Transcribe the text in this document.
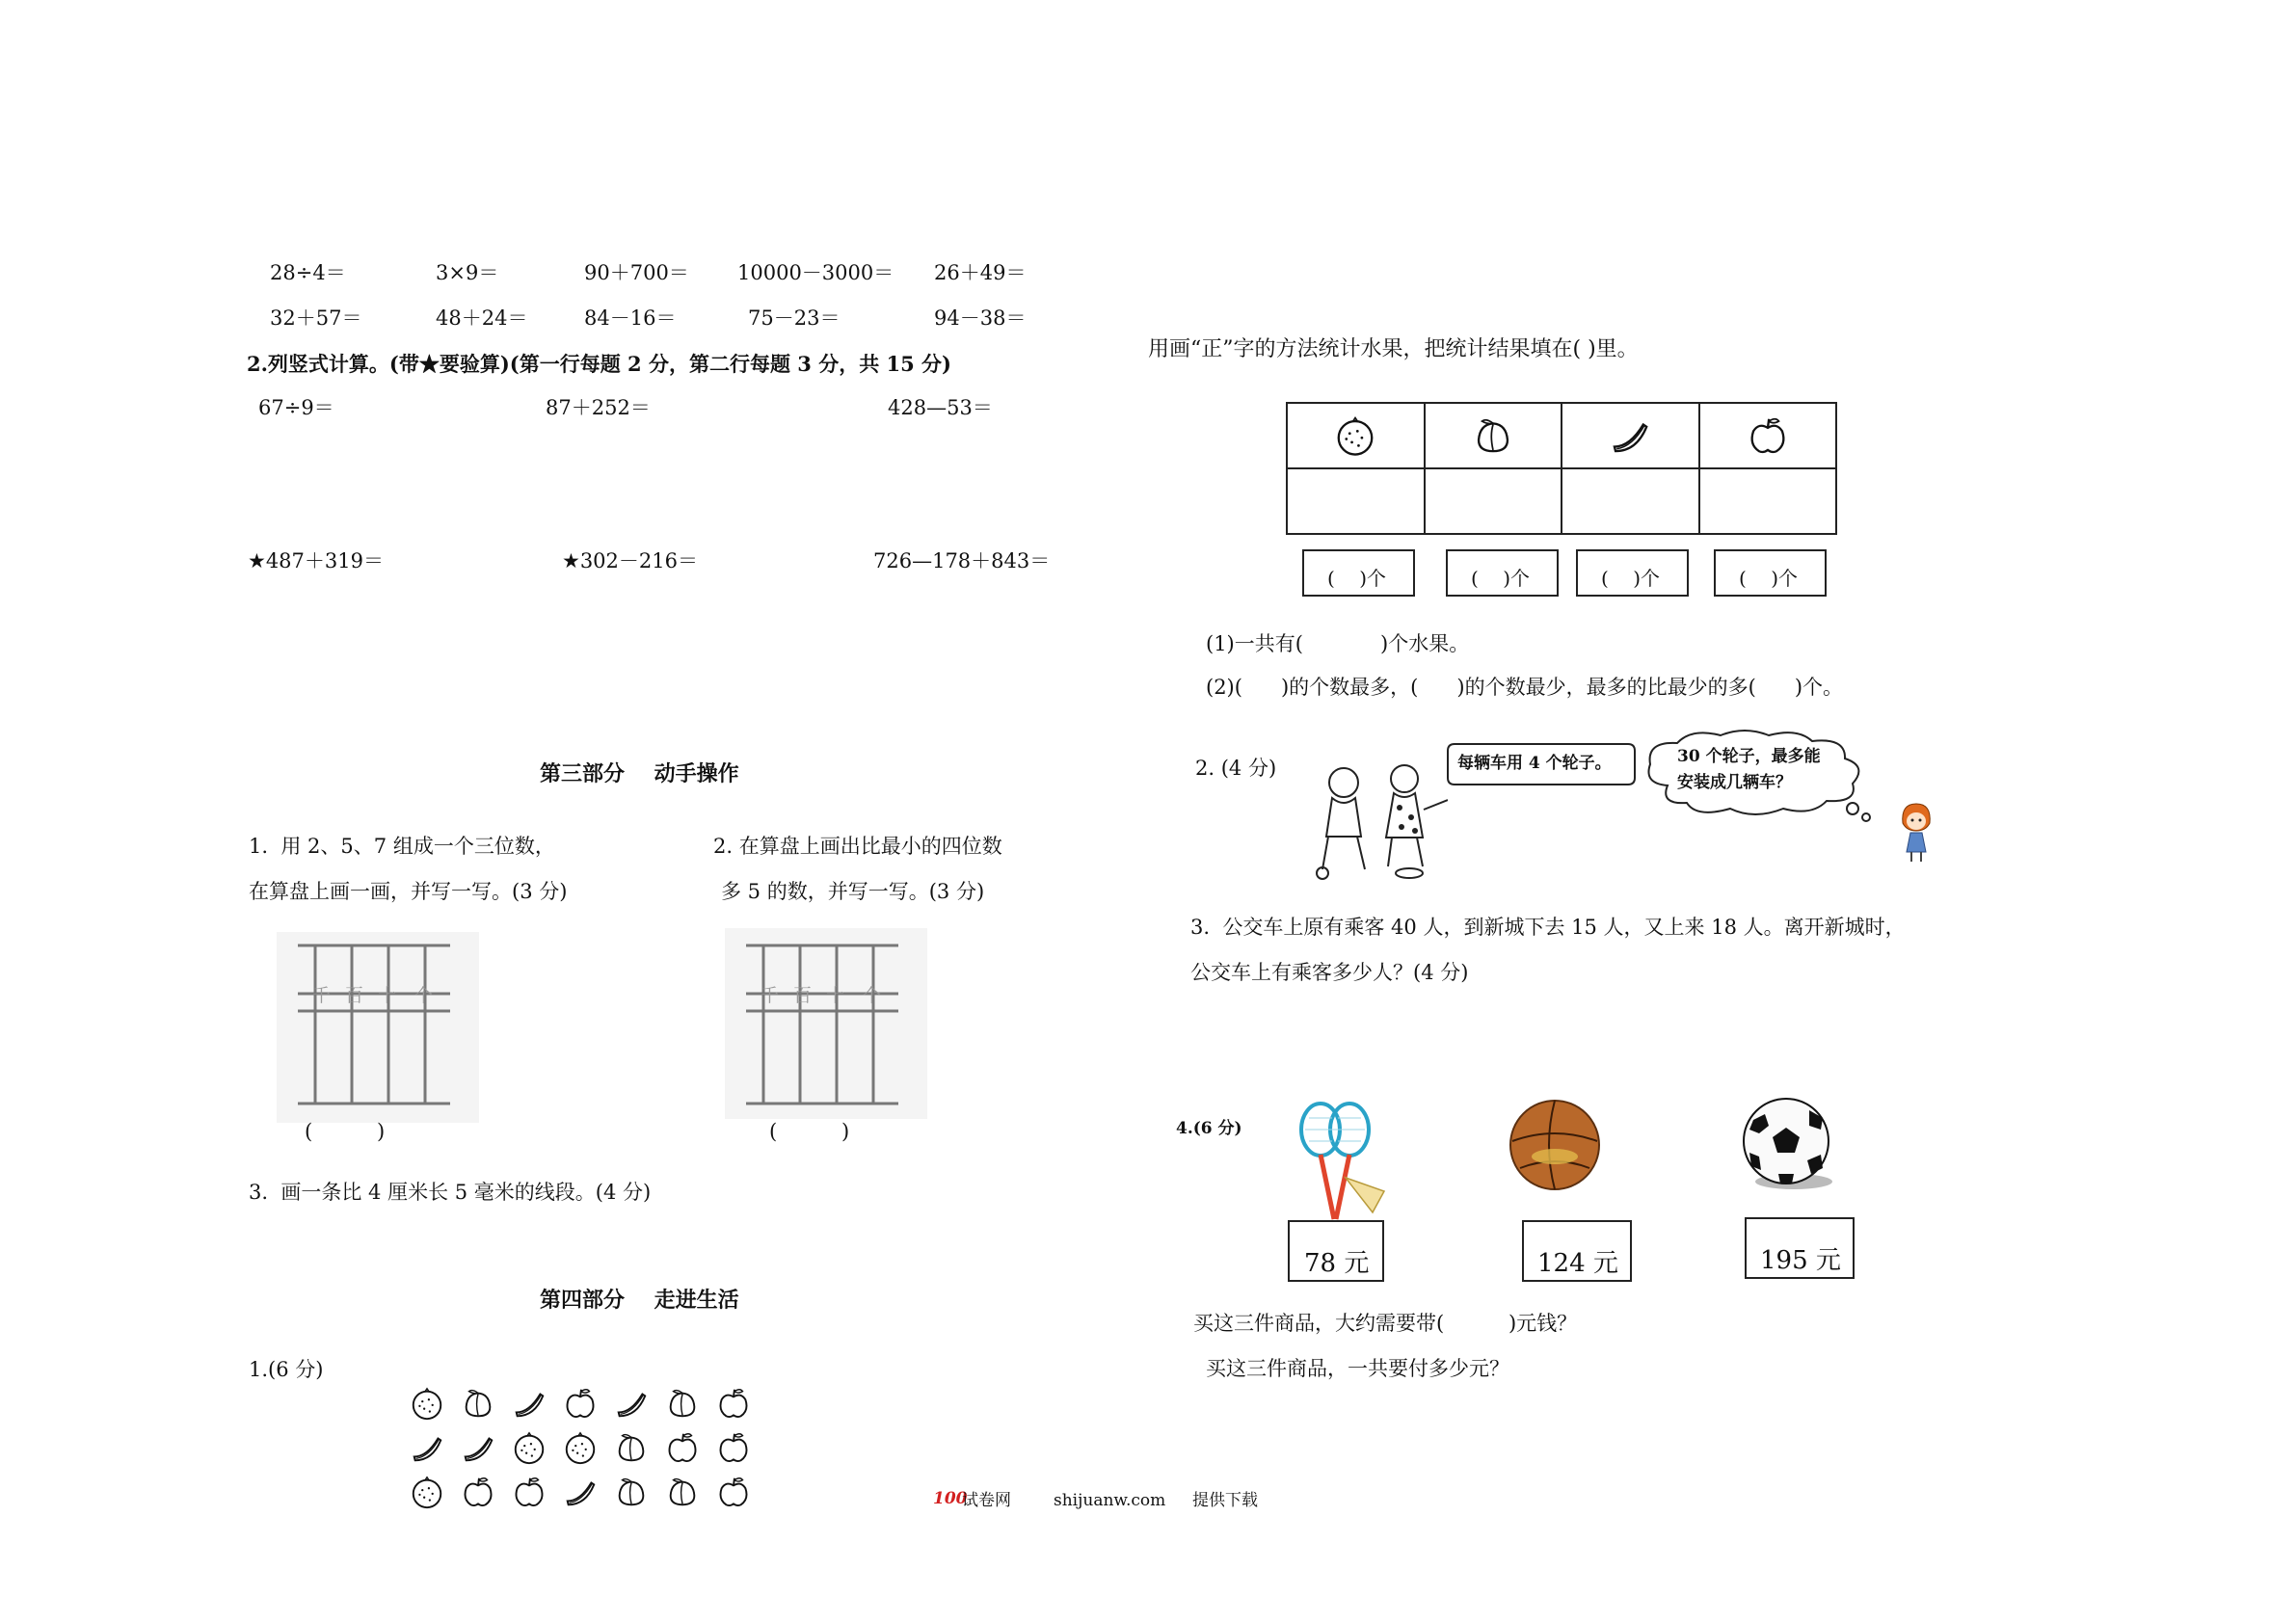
28÷4＝	3×9＝	90＋700＝ 10000－3000＝ 26＋49＝
32＋57＝	48＋24＝	84－16＝	75－23＝	94－38＝
2.列竖式计算。(带★要验算)(第一行每题 2 分，第二行每题 3 分，共 15 分)
67÷9＝	87＋252＝	428—53＝
★487＋319＝	★302－216＝	726—178＋843＝
第三部分    动手操作
1.  用 2、5、7 组成一个三位数，
在算盘上画一画，并写一写。(3 分)
2. 在算盘上画出比最小的四位数
多 5 的数，并写一写。(3 分)
千 百 十 个
(          )
千 百 十 个
(          )
3.  画一条比 4 厘米长 5 毫米的线段。(4 分)
第四部分    走进生活
1.(6 分)
用画“正”字的方法统计水果，把统计结果填在( )里。

(    )个	(    )个	(    )个	(    )个
(1)一共有(            )个水果。
(2)(      )的个数最多，(      )的个数最少，最多的比最少的多(      )个。
2. (4 分)	每辆车用 4 个轮子。	30 个轮子，最多能
安装成几辆车？
3.  公交车上原有乘客 40 人，到新城下去 15 人，又上来 18 人。离开新城时，
公交车上有乘客多少人？(4 分)
4.(6 分)
78 元	124 元	195 元
买这三件商品，大约需要带(          )元钱？
买这三件商品，一共要付多少元？
100
试卷网	shijuanw.com 提供下载
